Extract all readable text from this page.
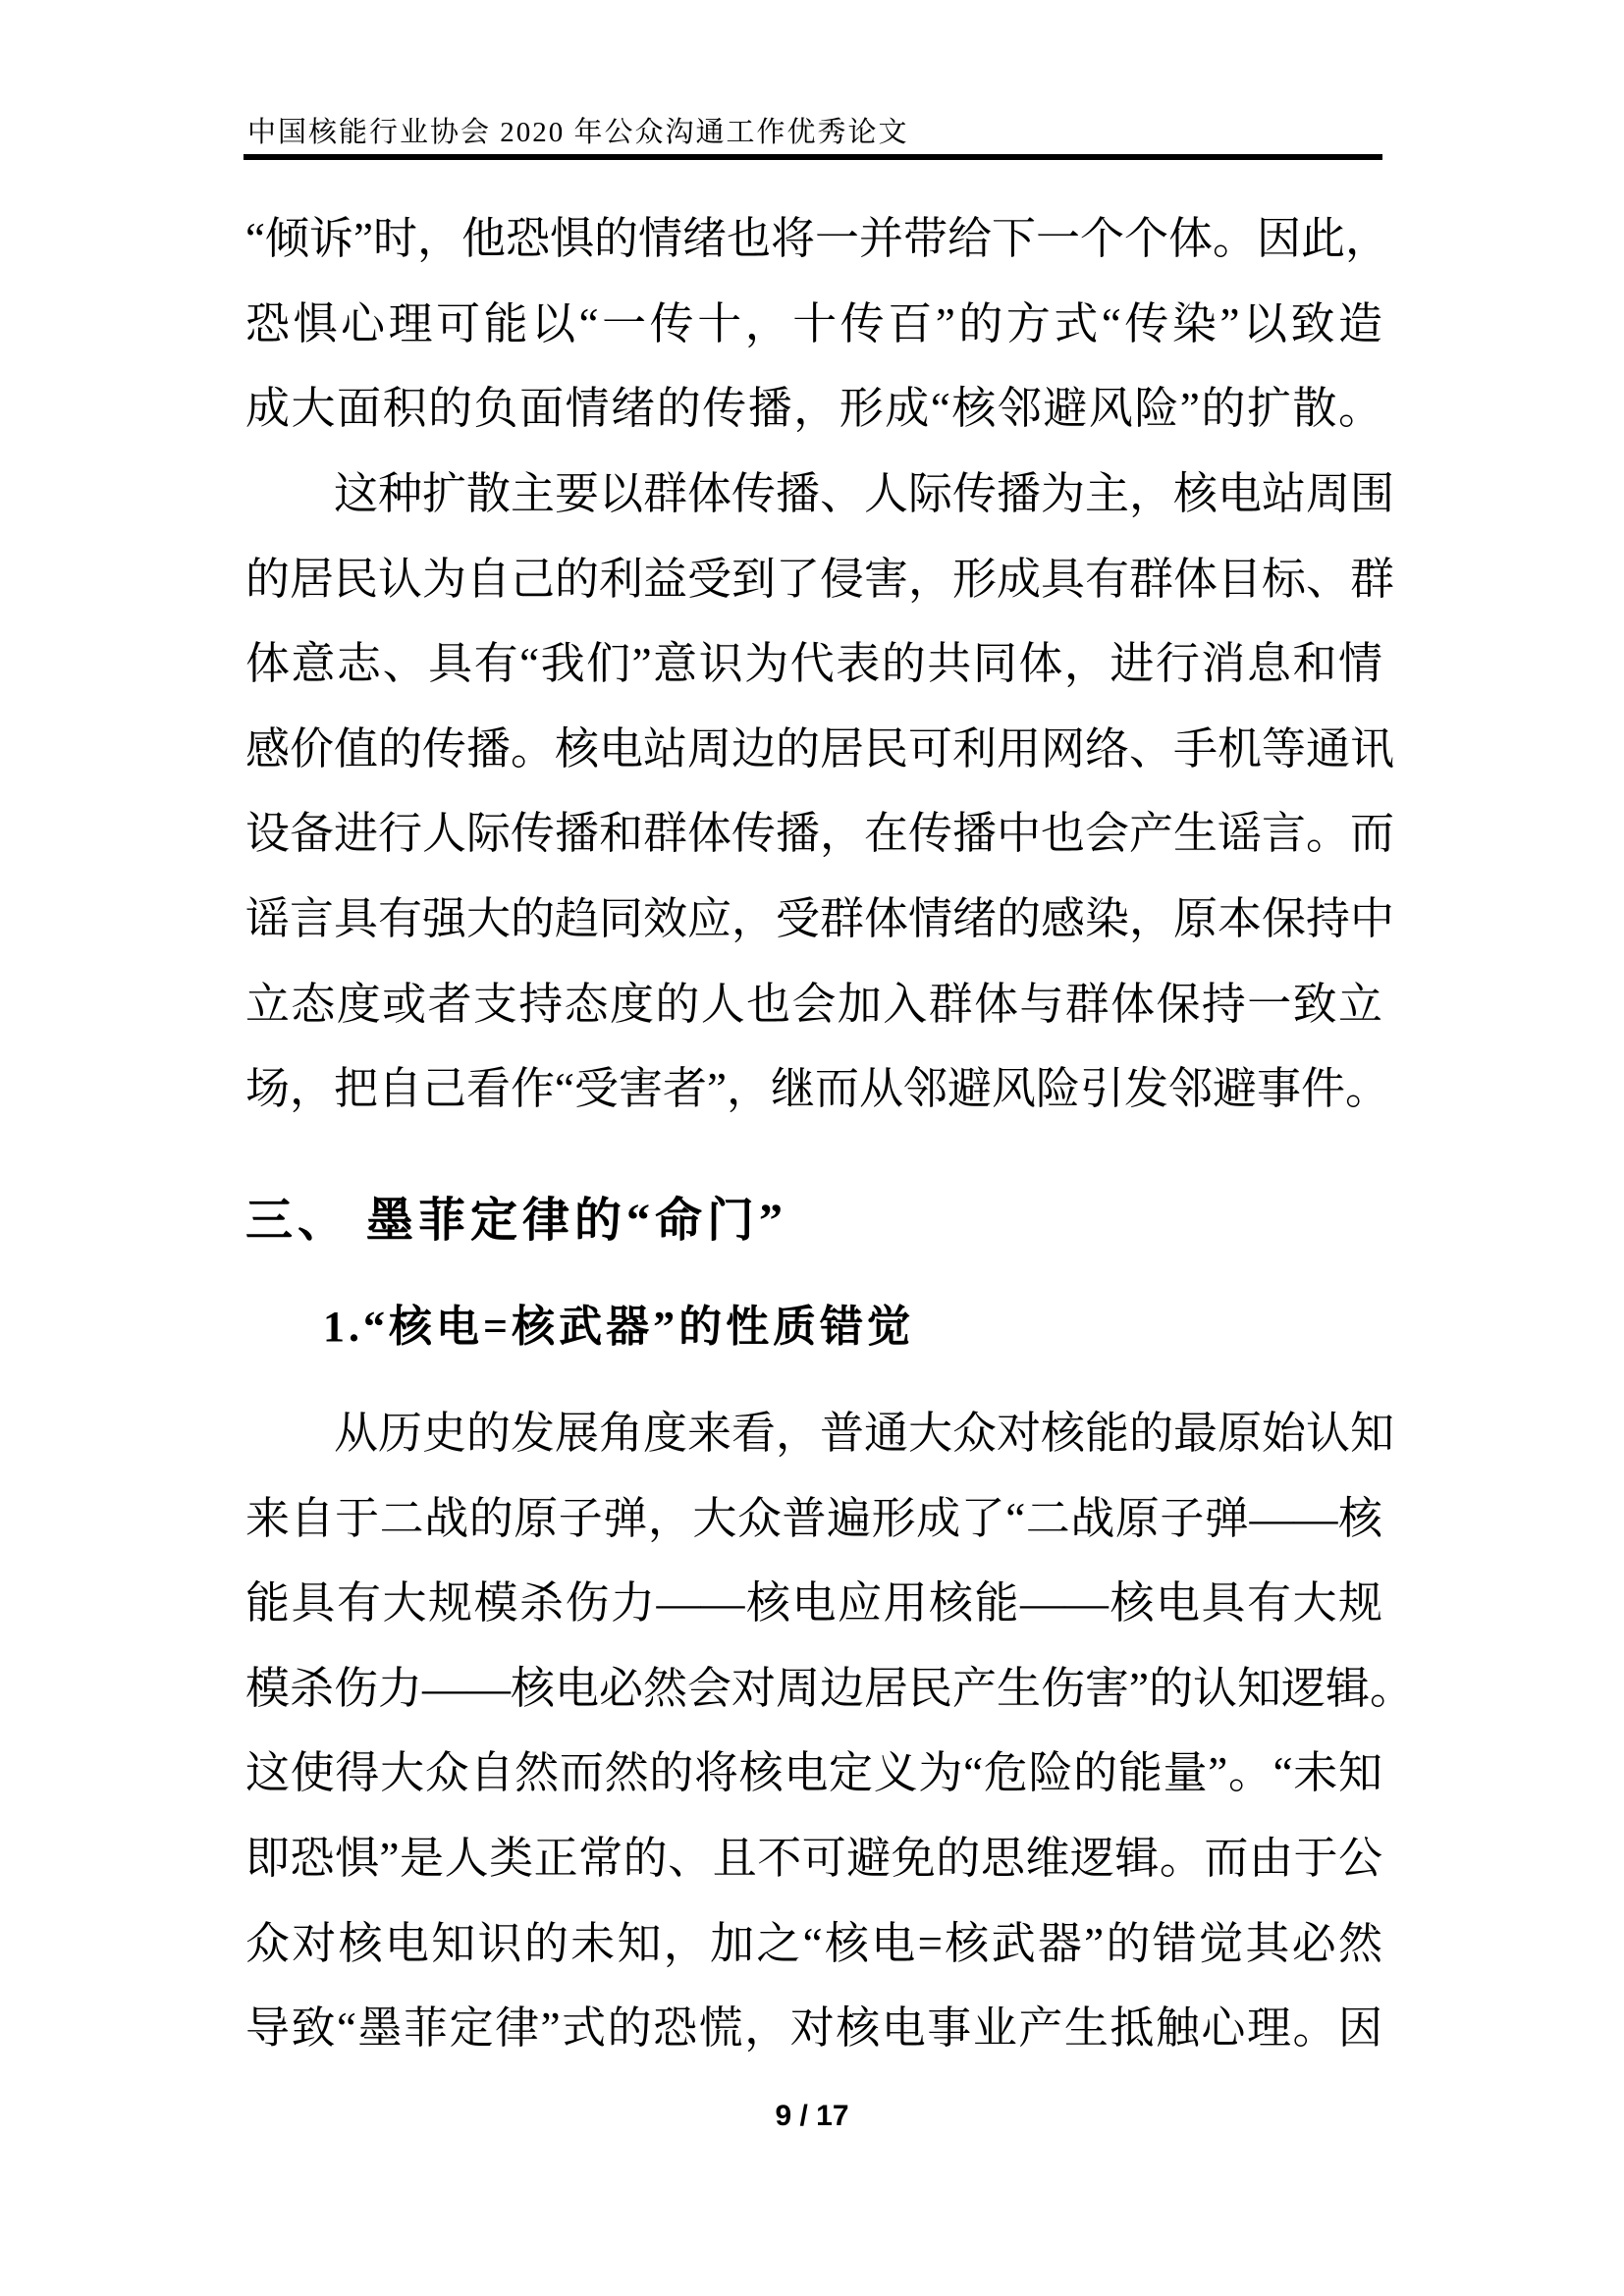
中国核能行业协会 2020 年公众沟通工作优秀论文

“倾诉”时，他恐惧的情绪也将一并带给下一个个体。因此，

恐惧心理可能以“一传十，十传百”的方式“传染”以致造

成大面积的负面情绪的传播，形成“核邻避风险”的扩散。

　　这种扩散主要以群体传播、人际传播为主，核电站周围

的居民认为自己的利益受到了侵害，形成具有群体目标、群

体意志、具有“我们”意识为代表的共同体，进行消息和情

感价值的传播。核电站周边的居民可利用网络、手机等通讯

设备进行人际传播和群体传播，在传播中也会产生谣言。而

谣言具有强大的趋同效应，受群体情绪的感染，原本保持中

立态度或者支持态度的人也会加入群体与群体保持一致立

场，把自己看作“受害者”，继而从邻避风险引发邻避事件。

三、 墨菲定律的“命门”
1.“核电=核武器”的性质错觉

　　从历史的发展角度来看，普通大众对核能的最原始认知

来自于二战的原子弹，大众普遍形成了“二战原子弹——核

能具有大规模杀伤力——核电应用核能——核电具有大规

模杀伤力——核电必然会对周边居民产生伤害”的认知逻辑。

这使得大众自然而然的将核电定义为“危险的能量”。“未知

即恐惧”是人类正常的、且不可避免的思维逻辑。而由于公

众对核电知识的未知，加之“核电=核武器”的错觉其必然

导致“墨菲定律”式的恐慌，对核电事业产生抵触心理。因

9 / 17
